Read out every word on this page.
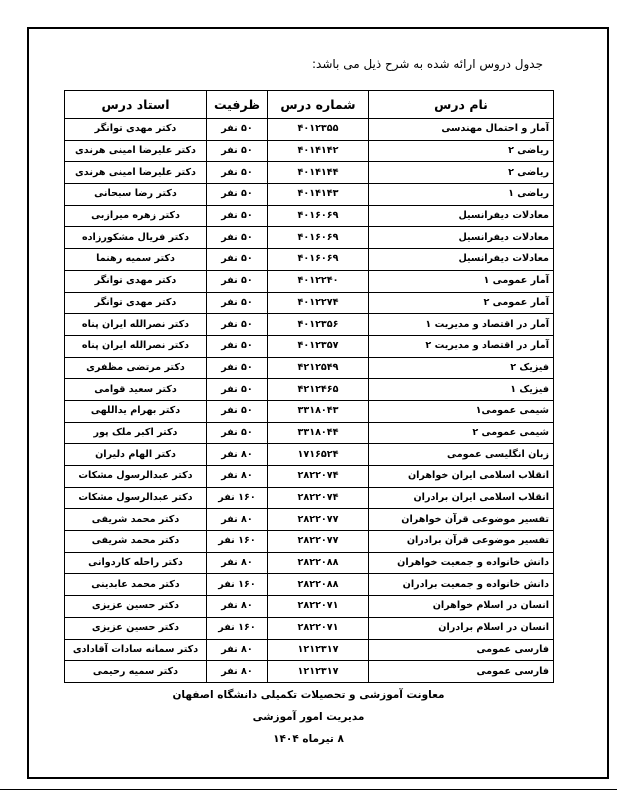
جدول دروس ارائه شده به شرح ذیل می باشد:
نام درس	شماره درس	ظرفیت	استاد درس
آمار و احتمال مهندسی	۴۰۱۲۳۵۵	۵۰ نفر	دکتر مهدی توانگر
ریاضی ۲	۴۰۱۴۱۴۲	۵۰ نفر	دکتر علیرضا امینی هرندی
ریاضی ۲	۴۰۱۴۱۴۴	۵۰ نفر	دکتر علیرضا امینی هرندی
ریاضی ۱	۴۰۱۴۱۴۳	۵۰ نفر	دکتر رضا سبحانی
معادلات دیفرانسیل	۴۰۱۶۰۶۹	۵۰ نفر	دکتر زهره میرازبی
معادلات دیفرانسیل	۴۰۱۶۰۶۹	۵۰ نفر	دکتر فریال مشکورزاده
معادلات دیفرانسیل	۴۰۱۶۰۶۹	۵۰ نفر	دکتر سمیه رهنما
آمار عمومی ۱	۴۰۱۲۲۴۰	۵۰ نفر	دکتر مهدی توانگر
آمار عمومی ۲	۴۰۱۲۲۷۴	۵۰ نفر	دکتر مهدی توانگر
آمار در اقتصاد و مدیریت ۱	۴۰۱۲۳۵۶	۵۰ نفر	دکتر نصرالله ایران پناه
آمار در اقتصاد و مدیریت ۲	۴۰۱۲۳۵۷	۵۰ نفر	دکتر نصرالله ایران پناه
فیزیک ۲	۴۲۱۲۵۴۹	۵۰ نفر	دکتر مرتضی مظفری
فیزیک ۱	۴۲۱۲۴۶۵	۵۰ نفر	دکتر سعید قوامی
شیمی عمومی۱	۳۳۱۸۰۴۳	۵۰ نفر	دکتر بهرام یداللهی
شیمی عمومی ۲	۳۳۱۸۰۴۴	۵۰ نفر	دکتر اکبر ملک پور
زبان انگلیسی عمومی	۱۷۱۶۵۲۴	۸۰ نفر	دکتر الهام دلیران
انقلاب اسلامی ایران خواهران	۲۸۲۲۰۷۴	۸۰ نفر	دکتر عبدالرسول مشکات
انقلاب اسلامی ایران برادران	۲۸۲۲۰۷۴	۱۶۰ نفر	دکتر عبدالرسول مشکات
تفسیر موضوعی قرآن خواهران	۲۸۲۲۰۷۷	۸۰ نفر	دکتر محمد شریفی
تفسیر موضوعی قرآن برادران	۲۸۲۲۰۷۷	۱۶۰ نفر	دکتر محمد شریفی
دانش خانواده و جمعیت خواهران	۲۸۲۲۰۸۸	۸۰ نفر	دکتر راحله کاردوانی
دانش خانواده و جمعیت برادران	۲۸۲۲۰۸۸	۱۶۰ نفر	دکتر محمد عابدینی
انسان در اسلام خواهران	۲۸۲۲۰۷۱	۸۰ نفر	دکتر حسین عزیزی
انسان در اسلام برادران	۲۸۲۲۰۷۱	۱۶۰ نفر	دکتر حسین عزیزی
فارسی عمومی	۱۲۱۲۳۱۷	۸۰ نفر	دکتر سمانه سادات آقادادی
فارسی عمومی	۱۲۱۲۳۱۷	۸۰ نفر	دکتر سمیه رحیمی
معاونت آموزشی و تحصیلات تکمیلی دانشگاه اصفهان
مدیریت امور آموزشی
۸ تیرماه ۱۴۰۴
